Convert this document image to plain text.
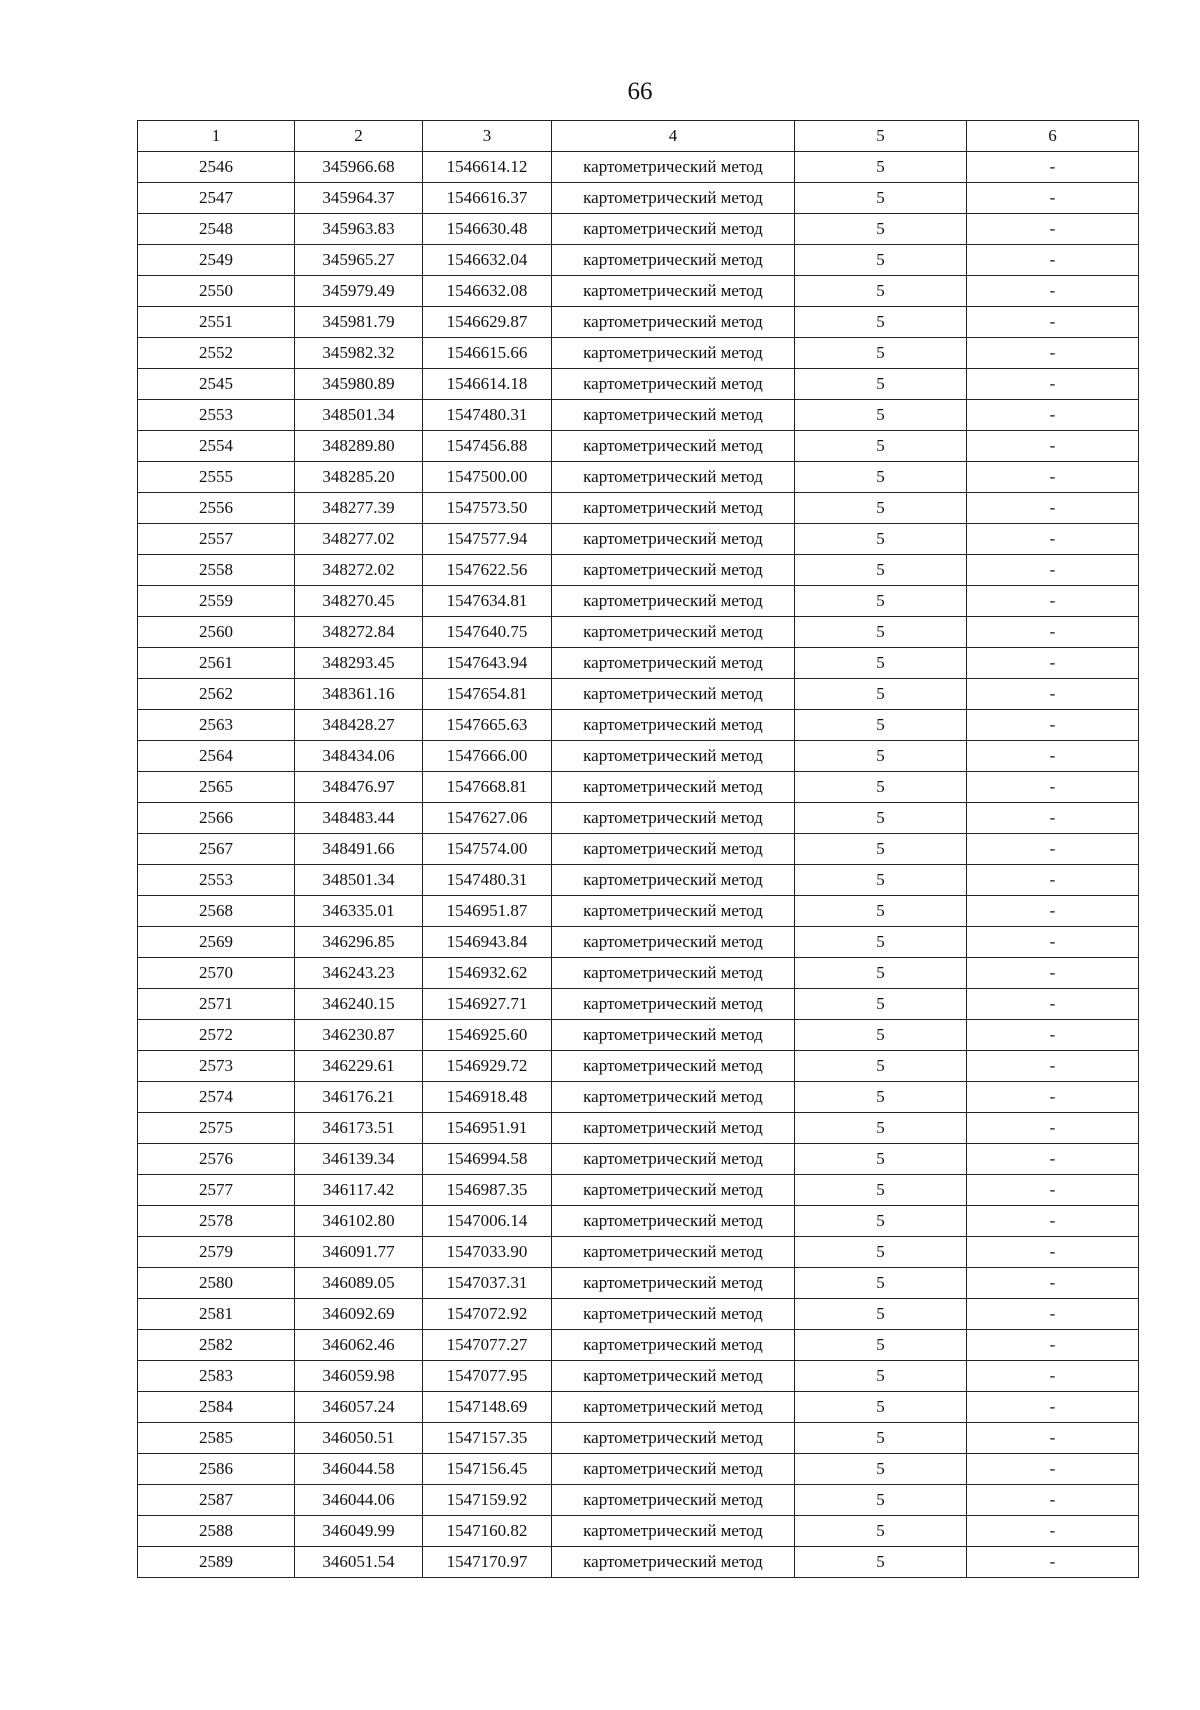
66
1	2	3	4	5	6
2546	345966.68	1546614.12	картометрический метод	5	-
2547	345964.37	1546616.37	картометрический метод	5	-
2548	345963.83	1546630.48	картометрический метод	5	-
2549	345965.27	1546632.04	картометрический метод	5	-
2550	345979.49	1546632.08	картометрический метод	5	-
2551	345981.79	1546629.87	картометрический метод	5	-
2552	345982.32	1546615.66	картометрический метод	5	-
2545	345980.89	1546614.18	картометрический метод	5	-
2553	348501.34	1547480.31	картометрический метод	5	-
2554	348289.80	1547456.88	картометрический метод	5	-
2555	348285.20	1547500.00	картометрический метод	5	-
2556	348277.39	1547573.50	картометрический метод	5	-
2557	348277.02	1547577.94	картометрический метод	5	-
2558	348272.02	1547622.56	картометрический метод	5	-
2559	348270.45	1547634.81	картометрический метод	5	-
2560	348272.84	1547640.75	картометрический метод	5	-
2561	348293.45	1547643.94	картометрический метод	5	-
2562	348361.16	1547654.81	картометрический метод	5	-
2563	348428.27	1547665.63	картометрический метод	5	-
2564	348434.06	1547666.00	картометрический метод	5	-
2565	348476.97	1547668.81	картометрический метод	5	-
2566	348483.44	1547627.06	картометрический метод	5	-
2567	348491.66	1547574.00	картометрический метод	5	-
2553	348501.34	1547480.31	картометрический метод	5	-
2568	346335.01	1546951.87	картометрический метод	5	-
2569	346296.85	1546943.84	картометрический метод	5	-
2570	346243.23	1546932.62	картометрический метод	5	-
2571	346240.15	1546927.71	картометрический метод	5	-
2572	346230.87	1546925.60	картометрический метод	5	-
2573	346229.61	1546929.72	картометрический метод	5	-
2574	346176.21	1546918.48	картометрический метод	5	-
2575	346173.51	1546951.91	картометрический метод	5	-
2576	346139.34	1546994.58	картометрический метод	5	-
2577	346117.42	1546987.35	картометрический метод	5	-
2578	346102.80	1547006.14	картометрический метод	5	-
2579	346091.77	1547033.90	картометрический метод	5	-
2580	346089.05	1547037.31	картометрический метод	5	-
2581	346092.69	1547072.92	картометрический метод	5	-
2582	346062.46	1547077.27	картометрический метод	5	-
2583	346059.98	1547077.95	картометрический метод	5	-
2584	346057.24	1547148.69	картометрический метод	5	-
2585	346050.51	1547157.35	картометрический метод	5	-
2586	346044.58	1547156.45	картометрический метод	5	-
2587	346044.06	1547159.92	картометрический метод	5	-
2588	346049.99	1547160.82	картометрический метод	5	-
2589	346051.54	1547170.97	картометрический метод	5	-
